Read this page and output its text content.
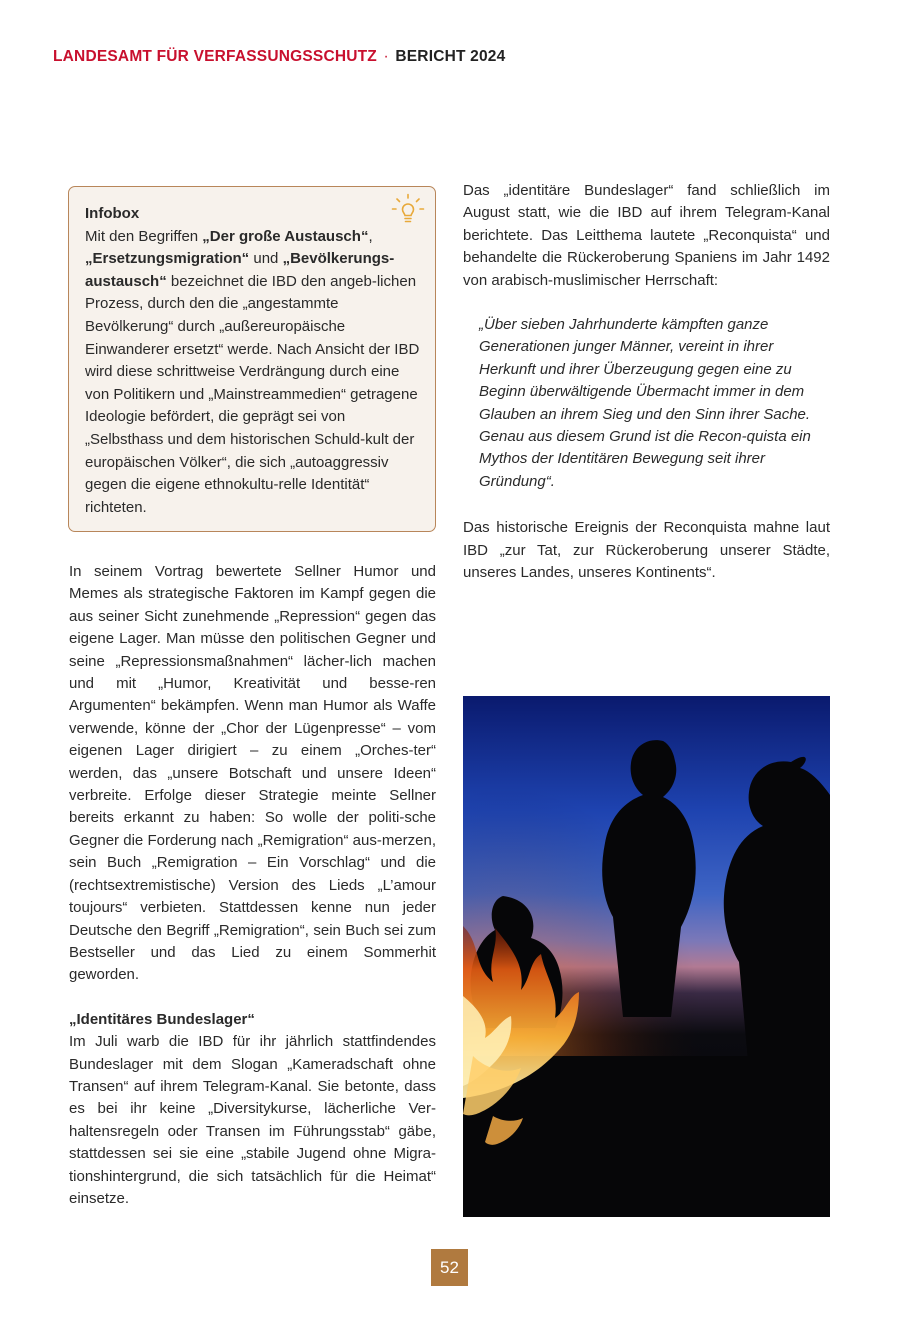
LANDESAMT FÜR VERFASSUNGSSCHUTZ · BERICHT 2024

Infobox

Mit den Begriffen „Der große Austausch“, „Ersetzungsmigration“ und „Bevölkerungs-austausch“ bezeichnet die IBD den angeb-lichen Prozess, durch den die „angestammte Bevölkerung“ durch „außereuropäische Einwanderer ersetzt“ werde. Nach Ansicht der IBD wird diese schrittweise Verdrängung durch eine von Politikern und „Mainstreammedien“ getragene Ideologie befördert, die geprägt sei von „Selbsthass und dem historischen Schuld-kult der europäischen Völker“, die sich „autoaggressiv gegen die eigene ethnokultu-relle Identität“ richteten.

In seinem Vortrag bewertete Sellner Humor und Memes als strategische Faktoren im Kampf gegen die aus seiner Sicht zunehmende „Repression“ gegen das eigene Lager. Man müsse den politischen Gegner und seine „Repressionsmaßnahmen“ lächer-lich machen und mit „Humor, Kreativität und besse-ren Argumenten“ bekämpfen. Wenn man Humor als Waffe verwende, könne der „Chor der Lügenpresse“ – vom eigenen Lager dirigiert – zu einem „Orches-ter“ werden, das „unsere Botschaft und unsere Ideen“ verbreite. Erfolge dieser Strategie meinte Sellner bereits erkannt zu haben: So wolle der politi-sche Gegner die Forderung nach „Remigration“ aus-merzen, sein Buch „Remigration – Ein Vorschlag“ und die (rechtsextremistische) Version des Lieds „L’amour toujours“ verbieten. Stattdessen kenne nun jeder Deutsche den Begriff „Remigration“, sein Buch sei zum Bestseller und das Lied zu einem Sommerhit geworden.

„Identitäres Bundeslager“

Im Juli warb die IBD für ihr jährlich stattfindendes Bundeslager mit dem Slogan „Kameradschaft ohne Transen“ auf ihrem Telegram-Kanal. Sie betonte, dass es bei ihr keine „Diversitykurse, lächerliche Ver-haltensregeln oder Transen im Führungsstab“ gäbe, stattdessen sei sie eine „stabile Jugend ohne Migra-tionshintergrund, die sich tatsächlich für die Heimat“ einsetze.

Das „identitäre Bundeslager“ fand schließlich im August statt, wie die IBD auf ihrem Telegram-Kanal berichtete. Das Leitthema lautete „Reconquista“ und behandelte die Rückeroberung Spaniens im Jahr 1492 von arabisch-muslimischer Herrschaft:

„Über sieben Jahrhunderte kämpften ganze Generationen junger Männer, vereint in ihrer Herkunft und ihrer Überzeugung gegen eine zu Beginn überwältigende Übermacht immer in dem Glauben an ihrem Sieg und den Sinn ihrer Sache. Genau aus diesem Grund ist die Recon-quista ein Mythos der Identitären Bewegung seit ihrer Gründung“.

Das historische Ereignis der Reconquista mahne laut IBD „zur Tat, zur Rückeroberung unserer Städte, unseres Landes, unseres Kontinents“.

52
